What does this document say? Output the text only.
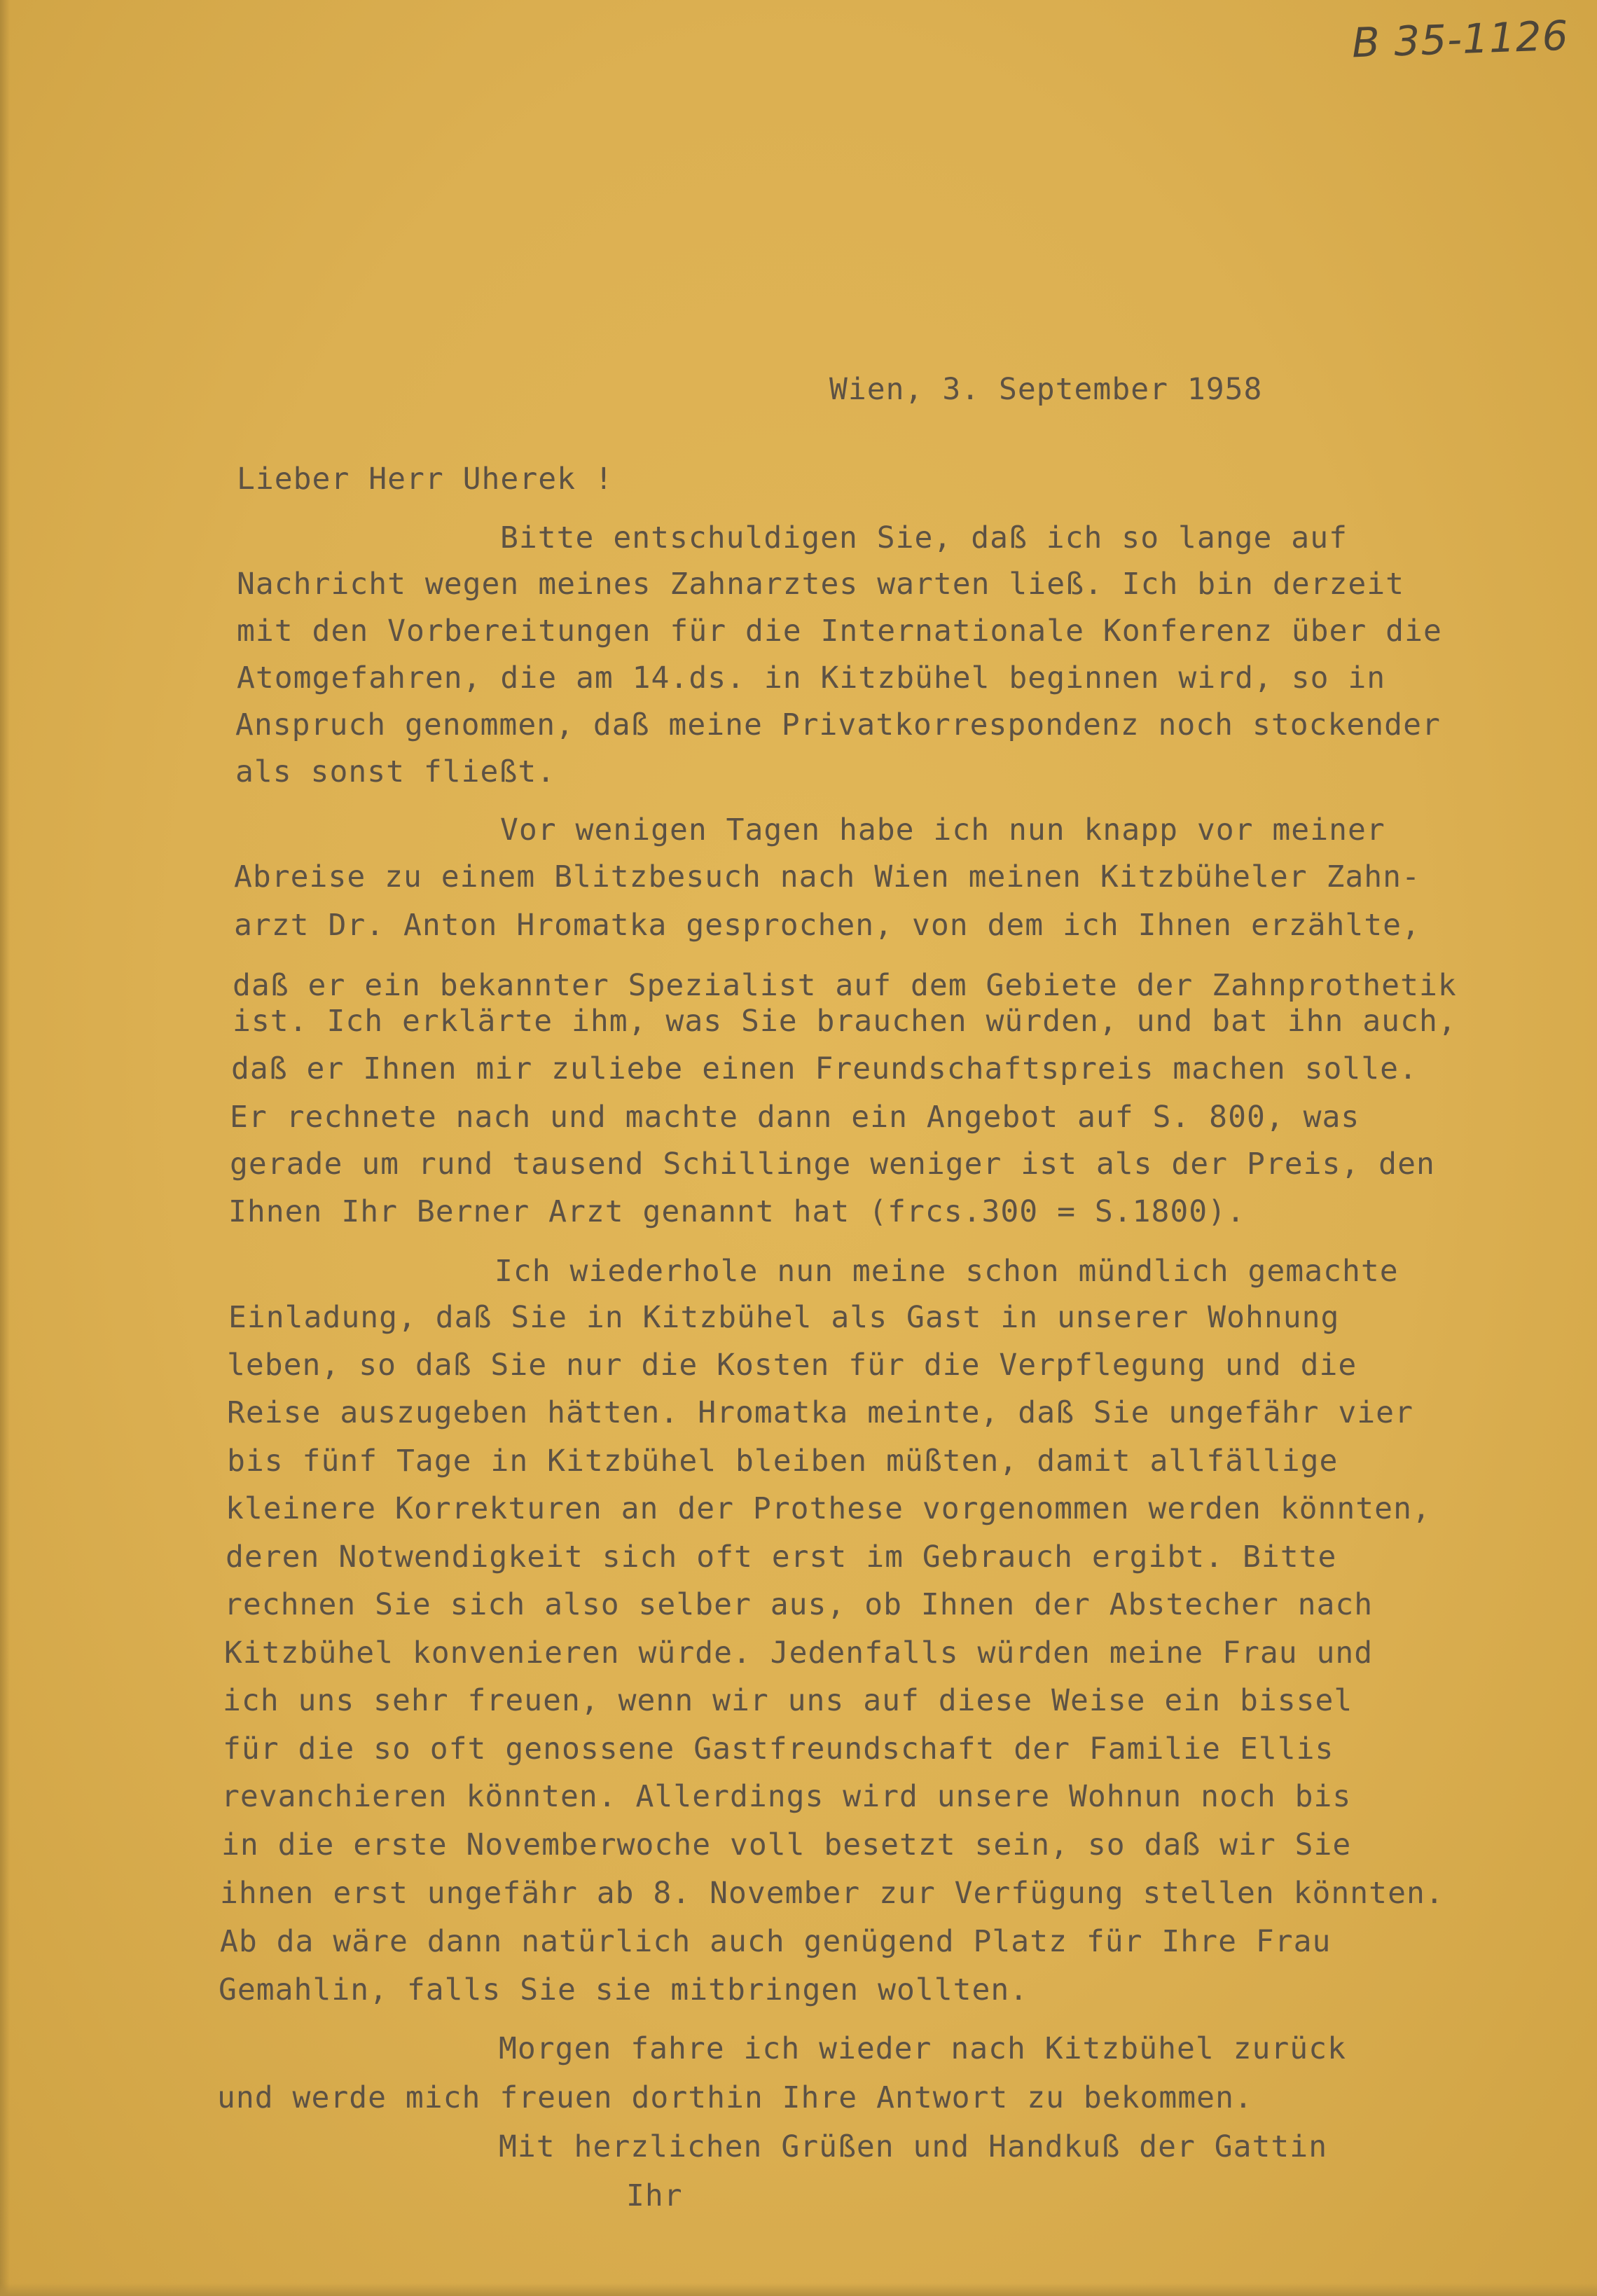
B 35-1126

Wien, 3. September 1958

Lieber Herr Uherek !

Bitte entschuldigen Sie, daß ich so lange auf

Nachricht wegen meines Zahnarztes warten ließ. Ich bin derzeit

mit den Vorbereitungen für die Internationale Konferenz über die

Atomgefahren, die am 14.ds. in Kitzbühel beginnen wird, so in

Anspruch genommen, daß meine Privatkorrespondenz noch stockender

als sonst fließt.

Vor wenigen Tagen habe ich nun knapp vor meiner

Abreise zu einem Blitzbesuch nach Wien meinen Kitzbüheler Zahn-

arzt Dr. Anton Hromatka gesprochen, von dem ich Ihnen erzählte,

daß er ein bekannter Spezialist auf dem Gebiete der Zahnprothetik

ist. Ich erklärte ihm, was Sie brauchen würden, und bat ihn auch,

daß er Ihnen mir zuliebe einen Freundschaftspreis machen solle.

Er rechnete nach und machte dann ein Angebot auf S. 800, was

gerade um rund tausend Schillinge weniger ist als der Preis, den

Ihnen Ihr Berner Arzt genannt hat (frcs.300 = S.1800).

Ich wiederhole nun meine schon mündlich gemachte

Einladung, daß Sie in Kitzbühel als Gast in unserer Wohnung

leben, so daß Sie nur die Kosten für die Verpflegung und die

Reise auszugeben hätten. Hromatka meinte, daß Sie ungefähr vier

bis fünf Tage in Kitzbühel bleiben müßten, damit allfällige

kleinere Korrekturen an der Prothese vorgenommen werden könnten,

deren Notwendigkeit sich oft erst im Gebrauch ergibt. Bitte

rechnen Sie sich also selber aus, ob Ihnen der Abstecher nach

Kitzbühel konvenieren würde. Jedenfalls würden meine Frau und

ich uns sehr freuen, wenn wir uns auf diese Weise ein bissel

für die so oft genossene Gastfreundschaft der Familie Ellis

revanchieren könnten. Allerdings wird unsere Wohnun noch bis

in die erste Novemberwoche voll besetzt sein, so daß wir Sie

ihnen erst ungefähr ab 8. November zur Verfügung stellen könnten.

Ab da wäre dann natürlich auch genügend Platz für Ihre Frau

Gemahlin, falls Sie sie mitbringen wollten.

Morgen fahre ich wieder nach Kitzbühel zurück

und werde mich freuen dorthin Ihre Antwort zu bekommen.

Mit herzlichen Grüßen und Handkuß der Gattin

Ihr
